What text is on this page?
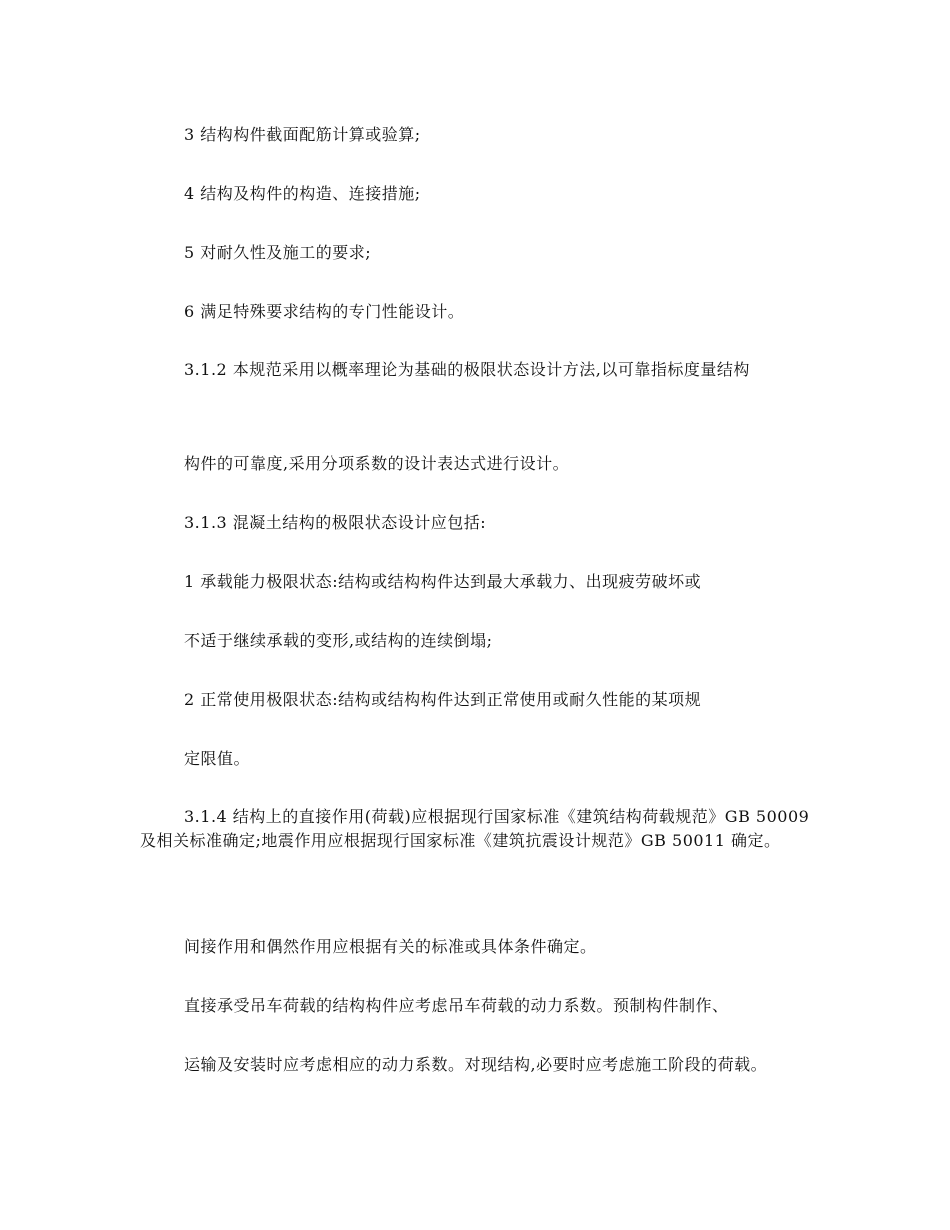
3 结构构件截面配筋计算或验算;

4 结构及构件的构造、连接措施;

5 对耐久性及施工的要求;

6 满足特殊要求结构的专门性能设计。

3.1.2 本规范采用以概率理论为基础的极限状态设计方法,以可靠指标度量结构

构件的可靠度,采用分项系数的设计表达式进行设计。

3.1.3 混凝土结构的极限状态设计应包括:

1 承载能力极限状态:结构或结构构件达到最大承载力、出现疲劳破坏或

不适于继续承载的变形,或结构的连续倒塌;

2 正常使用极限状态:结构或结构构件达到正常使用或耐久性能的某项规

定限值。

3.1.4 结构上的直接作用(荷载)应根据现行国家标准《建筑结构荷载规范》GB 50009 及相关标准确定;地震作用应根据现行国家标准《建筑抗震设计规范》GB 50011 确定。

间接作用和偶然作用应根据有关的标准或具体条件确定。

直接承受吊车荷载的结构构件应考虑吊车荷载的动力系数。预制构件制作、

运输及安装时应考虑相应的动力系数。对现结构,必要时应考虑施工阶段的荷载。
